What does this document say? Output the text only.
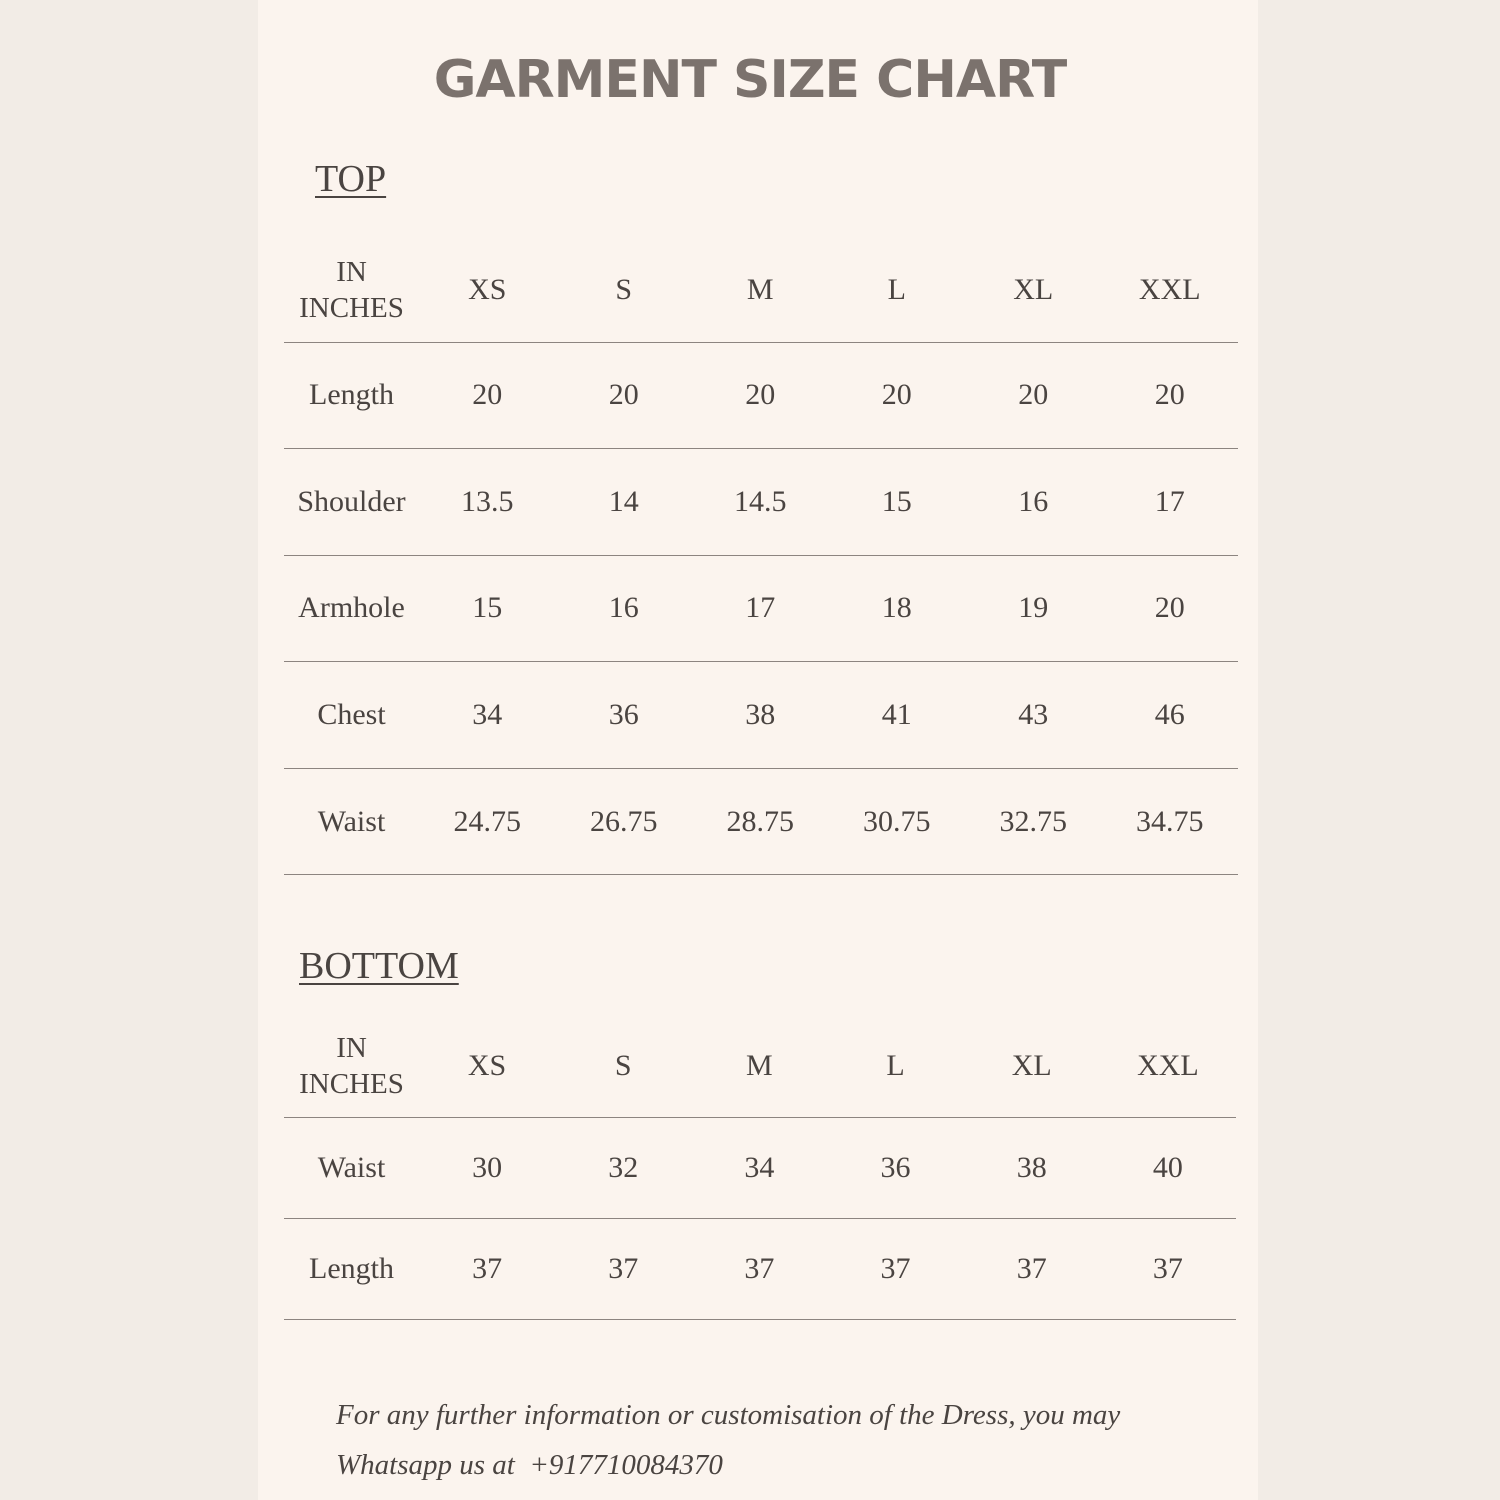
GARMENT SIZE CHART
TOP
IN
INCHES	XS	S	M	L	XL	XXL
Length	20	20	20	20	20	20
Shoulder	13.5	14	14.5	15	16	17
Armhole	15	16	17	18	19	20
Chest	34	36	38	41	43	46
Waist	24.75	26.75	28.75	30.75	32.75	34.75
BOTTOM
IN
INCHES	XS	S	M	L	XL	XXL
Waist	30	32	34	36	38	40
Length	37	37	37	37	37	37

For any further information or customisation of the Dress, you may
Whatsapp us at  +917710084370
